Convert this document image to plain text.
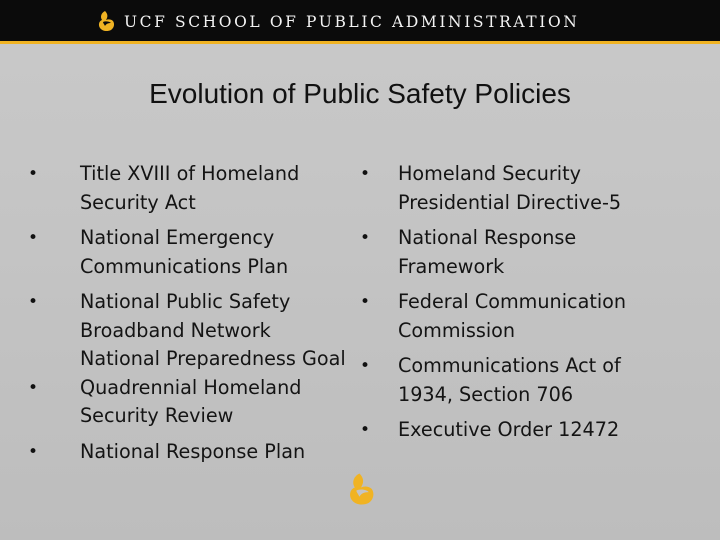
UCF SCHOOL OF PUBLIC ADMINISTRATION
Evolution of Public Safety Policies
•	Title XVIII of Homeland
Security Act
•	National Emergency
Communications Plan
•	National Public Safety
Broadband Network
National Preparedness Goal
•	Quadrennial Homeland
Security Review
•	National Response Plan
•	Homeland Security
Presidential Directive-5
•	National Response
Framework
•	Federal Communication
Commission
•	Communications Act of
1934, Section 706
•	Executive Order 12472
